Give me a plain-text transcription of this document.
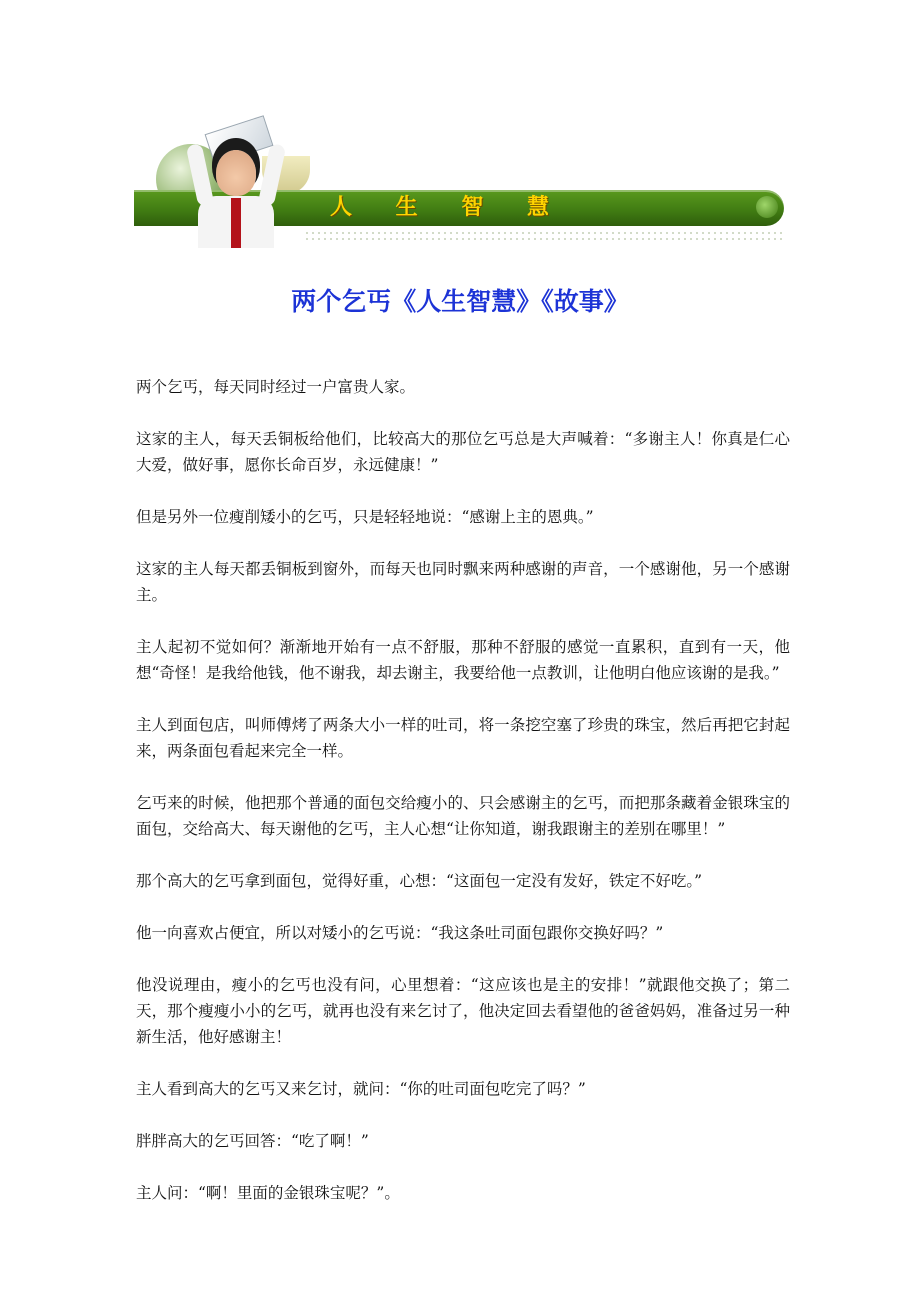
人 生 智 慧
两个乞丐《人生智慧》《故事》

两个乞丐，每天同时经过一户富贵人家。

这家的主人，每天丢铜板给他们，比较高大的那位乞丐总是大声喊着：“多谢主人！你真是仁心大爱，做好事，愿你长命百岁，永远健康！”

但是另外一位瘦削矮小的乞丐，只是轻轻地说：“感谢上主的恩典。”

这家的主人每天都丢铜板到窗外，而每天也同时飘来两种感谢的声音，一个感谢他，另一个感谢主。

主人起初不觉如何？渐渐地开始有一点不舒服，那种不舒服的感觉一直累积，直到有一天，他想“奇怪！是我给他钱，他不谢我，却去谢主，我要给他一点教训，让他明白他应该谢的是我。”

主人到面包店，叫师傅烤了两条大小一样的吐司，将一条挖空塞了珍贵的珠宝，然后再把它封起来，两条面包看起来完全一样。

乞丐来的时候，他把那个普通的面包交给瘦小的、只会感谢主的乞丐，而把那条藏着金银珠宝的面包，交给高大、每天谢他的乞丐，主人心想“让你知道，谢我跟谢主的差别在哪里！”

那个高大的乞丐拿到面包，觉得好重，心想：“这面包一定没有发好，铁定不好吃。”

他一向喜欢占便宜，所以对矮小的乞丐说：“我这条吐司面包跟你交换好吗？”

他没说理由，瘦小的乞丐也没有问，心里想着：“这应该也是主的安排！”就跟他交换了；第二天，那个瘦瘦小小的乞丐，就再也没有来乞讨了，他决定回去看望他的爸爸妈妈，准备过另一种新生活，他好感谢主！

主人看到高大的乞丐又来乞讨，就问：“你的吐司面包吃完了吗？”

胖胖高大的乞丐回答：“吃了啊！”

主人问：“啊！里面的金银珠宝呢？”。
